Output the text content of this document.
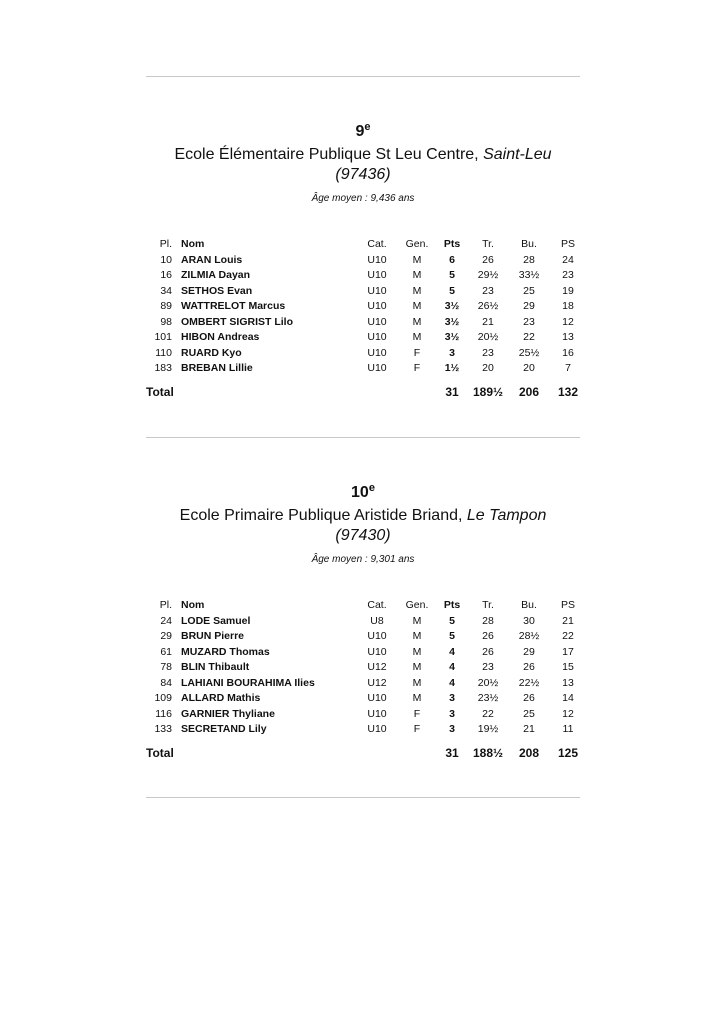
9e
Ecole Élémentaire Publique St Leu Centre, Saint-Leu
(97436)
Âge moyen : 9,436 ans
Pl.	Nom	Cat.	Gen.	Pts	Tr.	Bu.	PS
10	ARAN Louis	U10	M	6	26	28	24
16	ZILMIA Dayan	U10	M	5	29½	33½	23
34	SETHOS Evan	U10	M	5	23	25	19
89	WATTRELOT Marcus	U10	M	3½	26½	29	18
98	OMBERT SIGRIST Lilo	U10	M	3½	21	23	12
101	HIBON Andreas	U10	M	3½	20½	22	13
110	RUARD Kyo	U10	F	3	23	25½	16
183	BREBAN Lillie	U10	F	1½	20	20	7
Total				31	189½	206	132
10e
Ecole Primaire Publique Aristide Briand, Le Tampon
(97430)
Âge moyen : 9,301 ans
Pl.	Nom	Cat.	Gen.	Pts	Tr.	Bu.	PS
24	LODE Samuel	U8	M	5	28	30	21
29	BRUN Pierre	U10	M	5	26	28½	22
61	MUZARD Thomas	U10	M	4	26	29	17
78	BLIN Thibault	U12	M	4	23	26	15
84	LAHIANI BOURAHIMA Ilies	U12	M	4	20½	22½	13
109	ALLARD Mathis	U10	M	3	23½	26	14
116	GARNIER Thyliane	U10	F	3	22	25	12
133	SECRETAND Lily	U10	F	3	19½	21	11
Total				31	188½	208	125
